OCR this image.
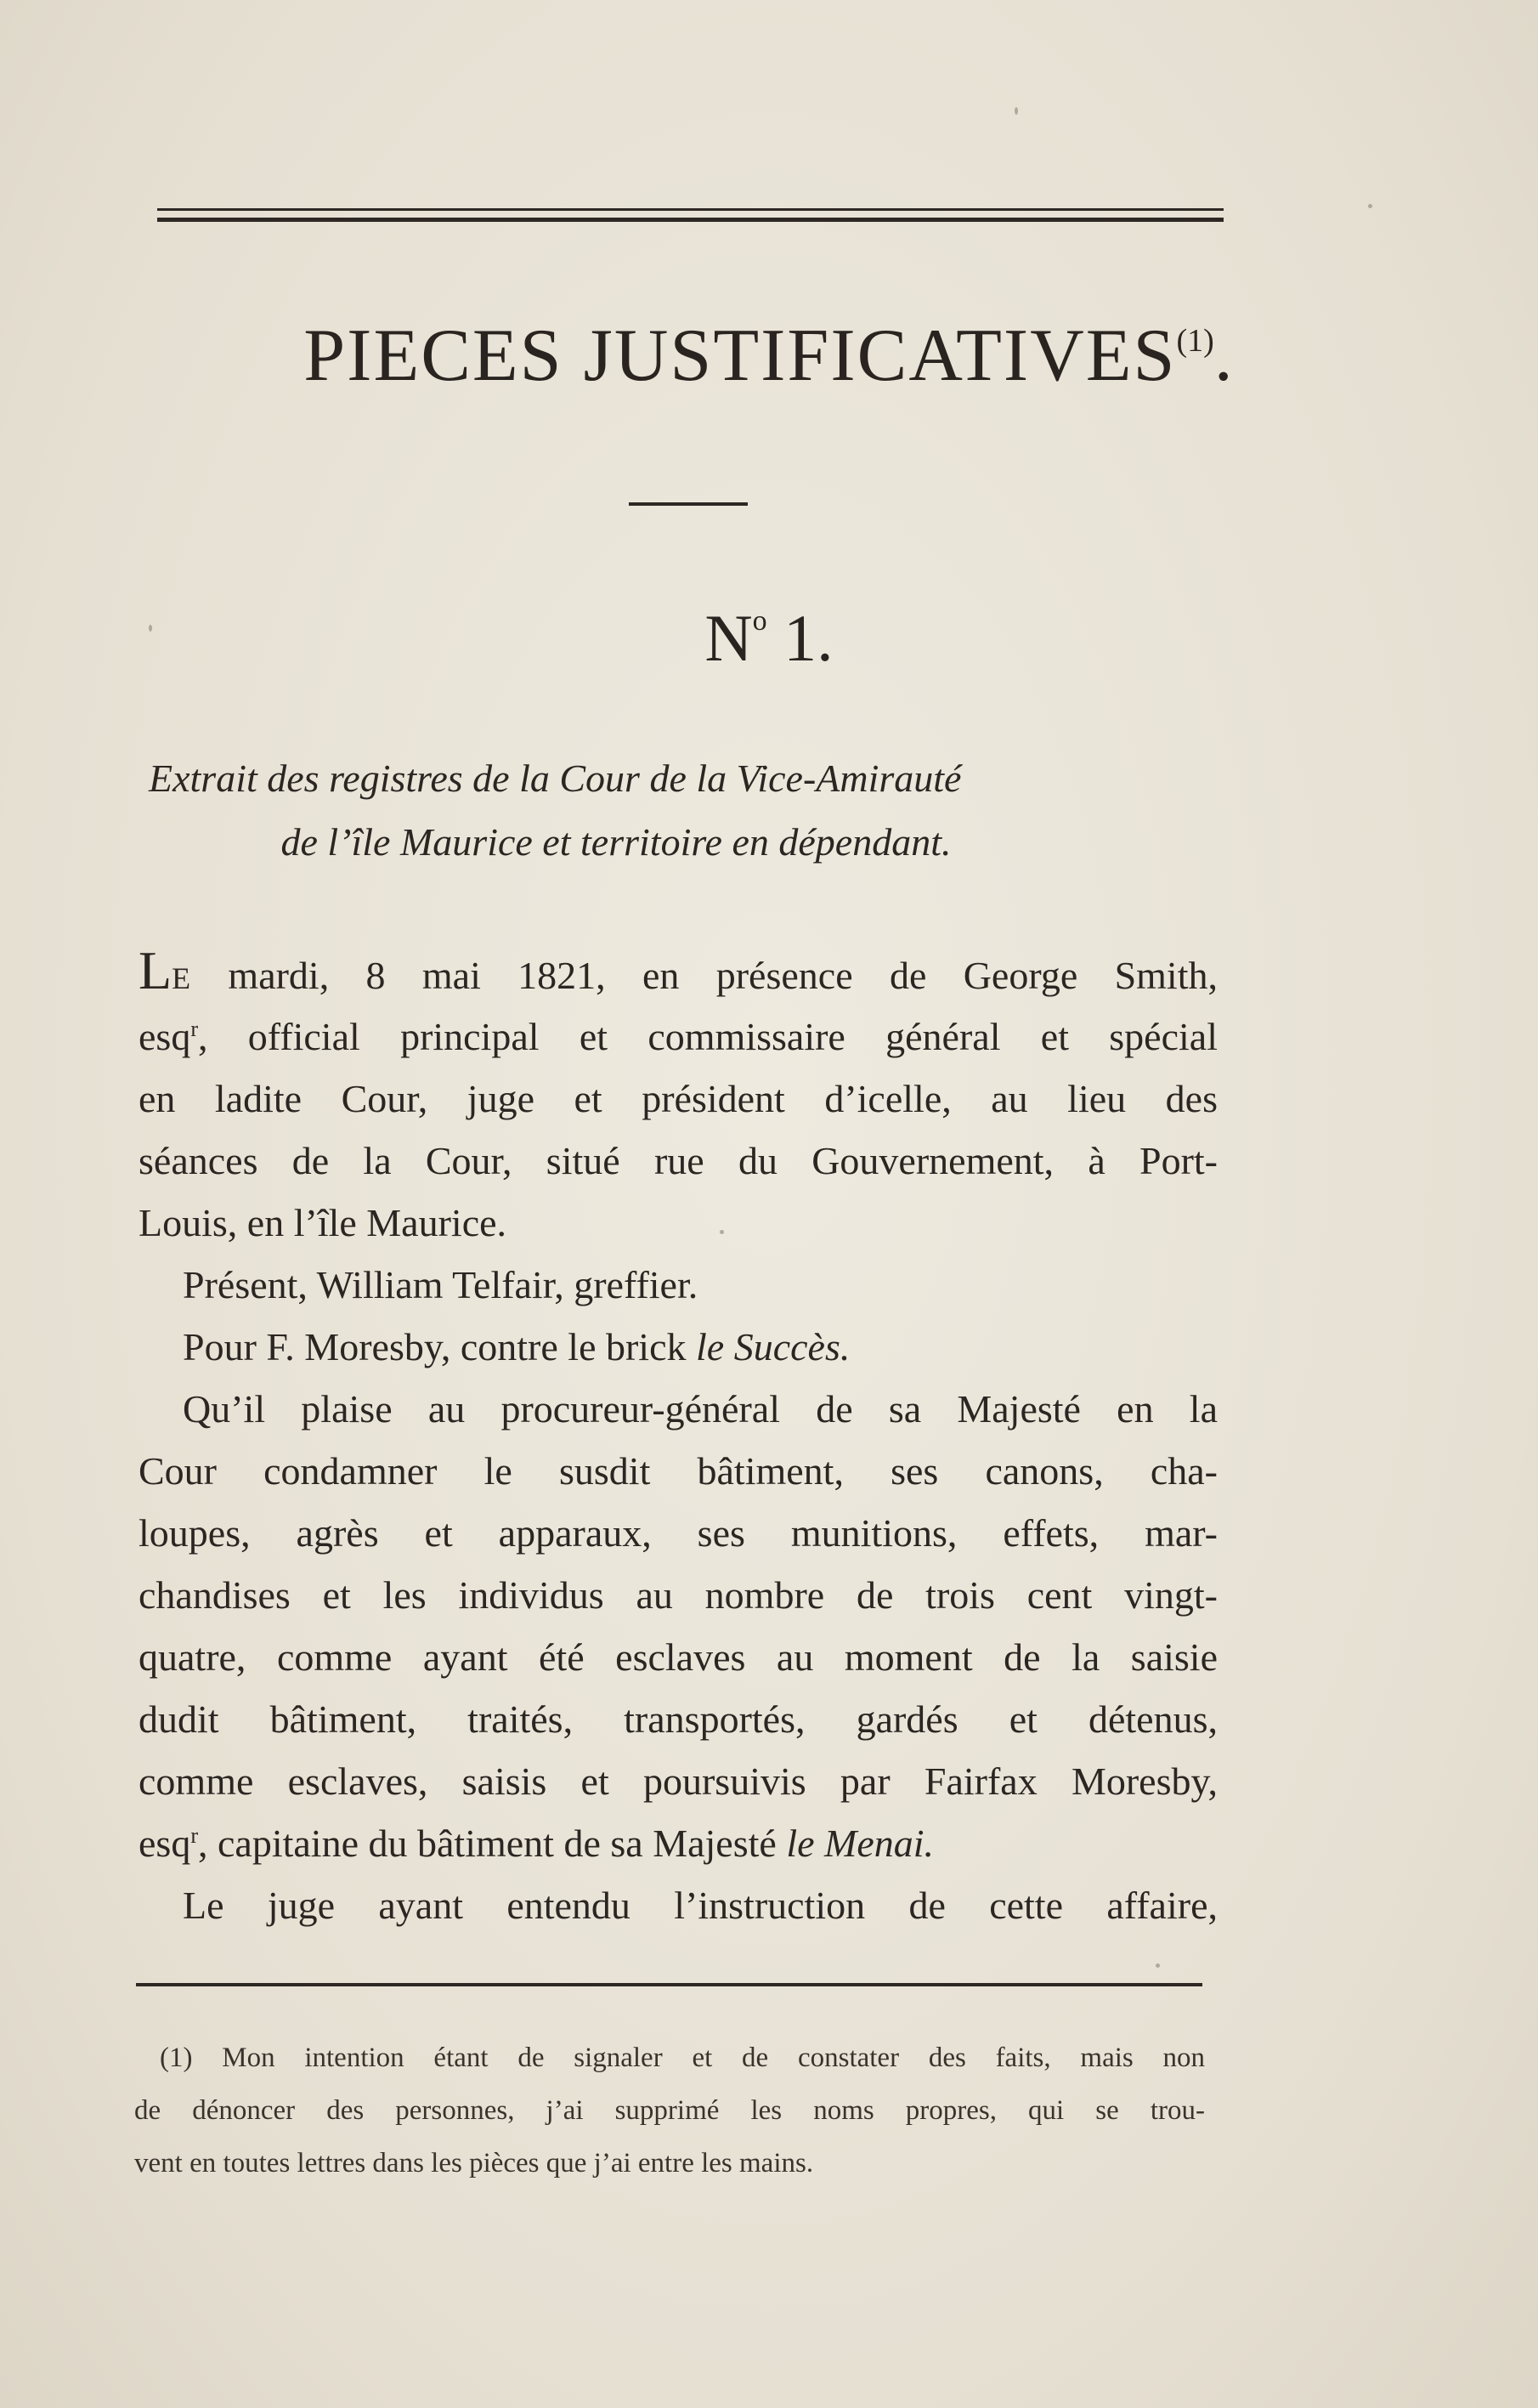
PIECES JUSTIFICATIVES$^{(1)}$.
$N^o$ 1.
Extrait des registres de la Cour de la Vice-Amirauté
de l’île Maurice et territoire en dépendant.
LE mardi, 8 mai 1821, en présence de George Smith,
esq$^r$, official principal et commissaire général et spécial
en ladite Cour, juge et président d’icelle, au lieu des
séances de la Cour, situé rue du Gouvernement, à Port-
Louis, en l’île Maurice.
Présent, William Telfair, greffier.
Pour F. Moresby, contre le brick le Succès.
Qu’il plaise au procureur-général de sa Majesté en la
Cour condamner le susdit bâtiment, ses canons, cha-
loupes, agrès et apparaux, ses munitions, effets, mar-
chandises et les individus au nombre de trois cent vingt-
quatre, comme ayant été esclaves au moment de la saisie
dudit bâtiment, traités, transportés, gardés et détenus,
comme esclaves, saisis et poursuivis par Fairfax Moresby,
esq$^r$, capitaine du bâtiment de sa Majesté le Menai.
Le juge ayant entendu l’instruction de cette affaire,
(1) Mon intention étant de signaler et de constater des faits, mais non
de dénoncer des personnes, j’ai supprimé les noms propres, qui se trou-
vent en toutes lettres dans les pièces que j’ai entre les mains.
